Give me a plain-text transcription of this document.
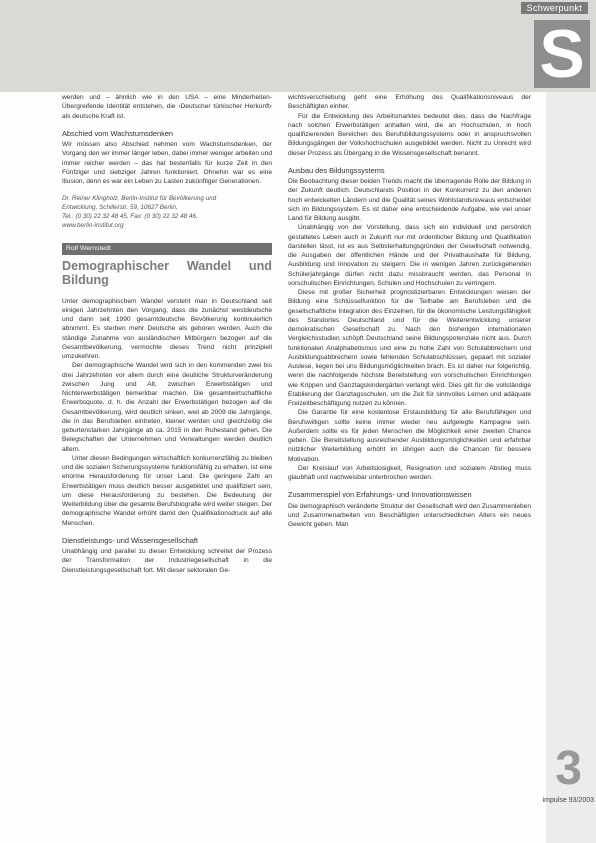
Schwerpunkt
S
3
impulse 93/2003

werden und – ähnlich wie in den USA – eine Minderheiten-Übergreifende Identität entstehen, die ›Deutscher türkischer Herkunft‹ als deutsche Kraft ist.

Abschied vom Wachstumsdenken

Wir müssen also Abschied nehmen vom Wachstumsdenken, der Vorgang den wir immer länger leben, dabei immer weniger arbeiten und immer reicher werden – das hat bestenfalls für kurze Zeit in den Fünfziger und siebziger Jahren funktioniert. Ohnehin war es eine Illusion, denn es war ein Leben zu Lasten zukünftiger Generationen.

Dr. Reiner Klingholz, Berlin-Institut für Bevölkerung und
Entwicklung, Schillerstr. 59, 10627 Berlin,
Tel.: (0 30) 22 32 48 45, Fax: (0 30) 22 32 48 46,
www.berlin-institut.org
Rolf Wernstedt
Demographischer Wandel und Bildung

Unter demographischem Wandel versteht man in Deutschland seit einigen Jahrzehnten den Vorgang, dass die zunächst westdeutsche und dann seit 1990 gesamtdeutsche Bevölkerung kontinuierlich abnimmt. Es sterben mehr Deutsche als geboren werden. Auch die ständige Zunahme von ausländischen Mitbürgern bezogen auf die Gesamtbevölkerung, vermochte dieses Trend nicht prinzipiell umzukehren.

Der demographische Wandel wird sich in den kommenden zwei bis drei Jahrzehnten vor allem durch eine deutliche Strukturveränderung zwischen Jung und Alt, zwischen Erwerbstätigen und Nichterwerbstätigen bemerkbar machen. Die gesamtwirtschaftliche Erwerbsquote, d. h. die Anzahl der Erwerbstätigen bezogen auf die Gesamtbevölkerung, wird deutlich sinken, weil ab 2009 die Jahrgänge, die in das Berufsleben eintreten, kleiner werden und gleichzeitig die geburtenstarken Jahrgänge ab ca. 2015 in den Ruhestand gehen. Die Belegschaften der Unternehmen und Verwaltungen werden deutlich altern.

Unter diesen Bedingungen wirtschaftlich konkurrenzfähig zu bleiben und die sozialen Sicherungssysteme funktionsfähig zu erhalten, ist eine enorme Herausforderung für unser Land. Die geringere Zahl an Erwerbstätigen muss deutlich besser ausgebildet und qualifiziert sein, um diese Herausforderung zu bestehen. Die Bedeutung der Weiterbildung über die gesamte Berufsbiografie wird weiter steigen. Der demographische Wandel erhöht damit den Qualifikationsdruck auf alle Menschen.

Dienstleistungs- und Wissensgesellschaft

Unabhängig und parallel zu dieser Entwicklung schreitet der Prozess der Transformation der Industriegesellschaft in die Dienstleistungsgesellschaft fort. Mit dieser sektoralen Ge-

wichtsverschiebung geht eine Erhöhung des Qualifikationsniveaus der Beschäftigten einher.

Für die Entwicklung des Arbeitsmarktes bedeutet dies, dass die Nachfrage nach solchen Erwerbstätigen anhalten wird, die an Hochschulen, in hoch qualifizierenden Bereichen des Berufsbildungssystems oder in anspruchsvollen Bildungsgängen der Volkshochschulen ausgebildet werden. Nicht zu Unrecht wird dieser Prozess als Übergang in die Wissensgesellschaft benannt.

Ausbau des Bildungssystems

Die Beobachtung dieser beiden Trends macht die überragende Rolle der Bildung in der Zukunft deutlich. Deutschlands Position in der Konkurrenz zu den anderen hoch entwickelten Ländern und die Qualität seines Wohlstandsniveaus entscheidet sich im Bildungssystem. Es ist daher eine entscheidende Aufgabe, wie viel unser Land für Bildung ausgibt.

Unabhängig von der Vorstellung, dass sich ein individuell und persönlich gestaltetes Leben auch in Zukunft nur mit ordentlicher Bildung und Qualifikation darstellen lässt, ist es aus Selbsterhaltungsgründen der Gesellschaft notwendig, die Ausgaben der öffentlichen Hände und der Privathaushalte für Bildung, Ausbildung und Innovation zu steigern. Die in wenigen Jahren zurückgehenden Schülerjahrgänge dürfen nicht dazu missbraucht werden, das Personal in vorschulischen Einrichtungen, Schulen und Hochschulen zu verringern.

Diese mit großer Sicherheit prognostizierbaren Entwicklungen weisen der Bildung eine Schlüsselfunktion für die Teilhabe am Berufsleben und die gesellschaftliche Integration des Einzelnen, für die ökonomische Leistungsfähigkeit des Standortes Deutschland und für die Weiterentwicklung unserer demokratischen Gesellschaft zu. Nach den bisherigen internationalen Vergleichsstudien schöpft Deutschland seine Bildungspotenziale nicht aus. Durch funktionalen Analphabetismus und eine zu hohe Zahl von Schulabbrechern und Ausbildungsabbrechern sowie fehlenden Schulabschlüssen, gepaart mit sozialer Auslese, liegen bei uns Bildungsmöglichkeiten brach. Es ist daher nur folgerichtig, wenn die nachfolgende höchste Bereitstellung von vorschulischen Einrichtungen wie Krippen und Ganztagskindergärten verlangt wird. Dies gilt für die vollständige Etablierung der Ganztagsschulen, um die Zeit für sinnvolles Lernen und adäquate Freizeitbeschäftigung nutzen zu können.

Die Garantie für eine kostenlose Erstausbildung für alle Berufsfähigen und Berufswilligen sollte keine immer wieder neu aufgelegte Kampagne sein. Außerdem sollte es für jeden Menschen die Möglichkeit einer zweiten Chance geben. Die Bereitstellung ausreichender Ausbildungsmöglichkeiten und erfahrbar nützlicher Weiterbildung erhöht im übrigen auch die Chancen für bessere Motivation.

Der Kreislauf von Arbeitslosigkeit, Resignation und sozialem Abstieg muss glaubhaft und nachweisbar unterbrochen werden.

Zusammenspiel von Erfahrungs- und Innovationswissen

Die demographisch veränderte Struktur der Gesellschaft wird den Zusammenleben und Zusammenarbeiten von Beschäftigten unterschiedlichen Alters ein neues Gewicht geben. Man
